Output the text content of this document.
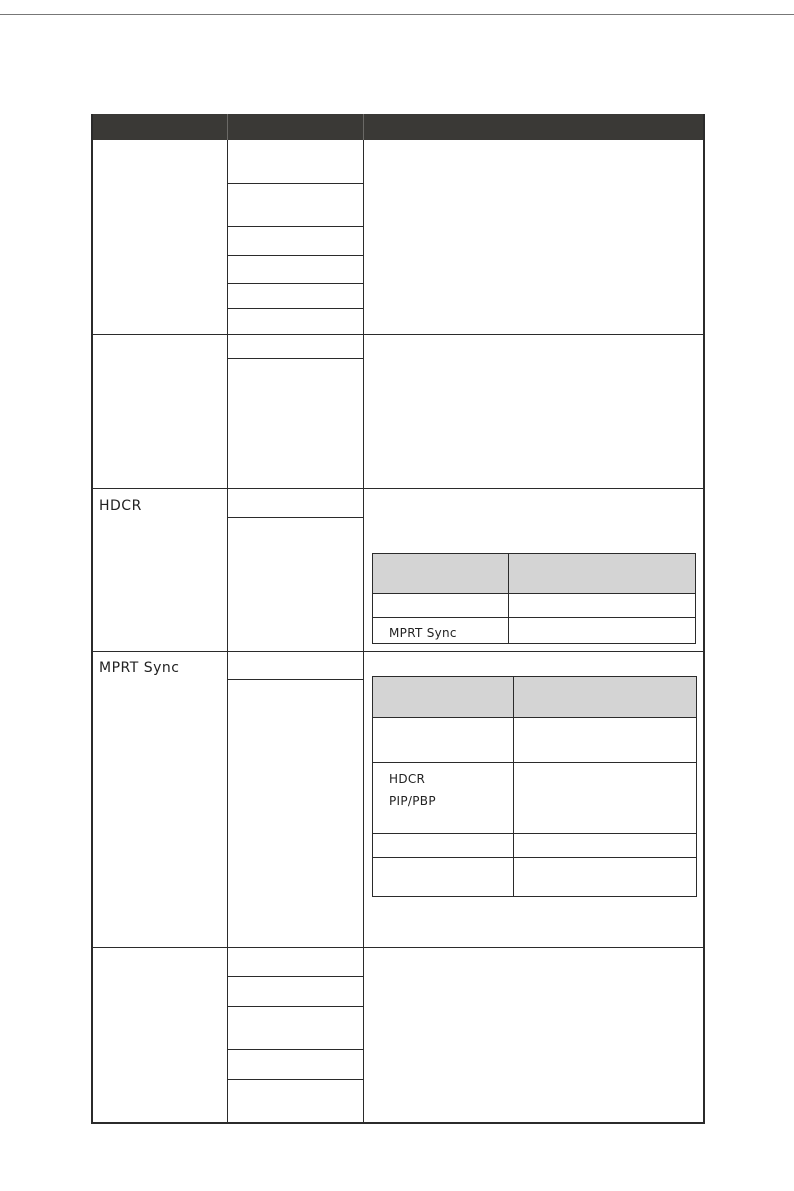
HDCR
MPRT Sync
MPRT Sync
HDCR
PIP/PBP
